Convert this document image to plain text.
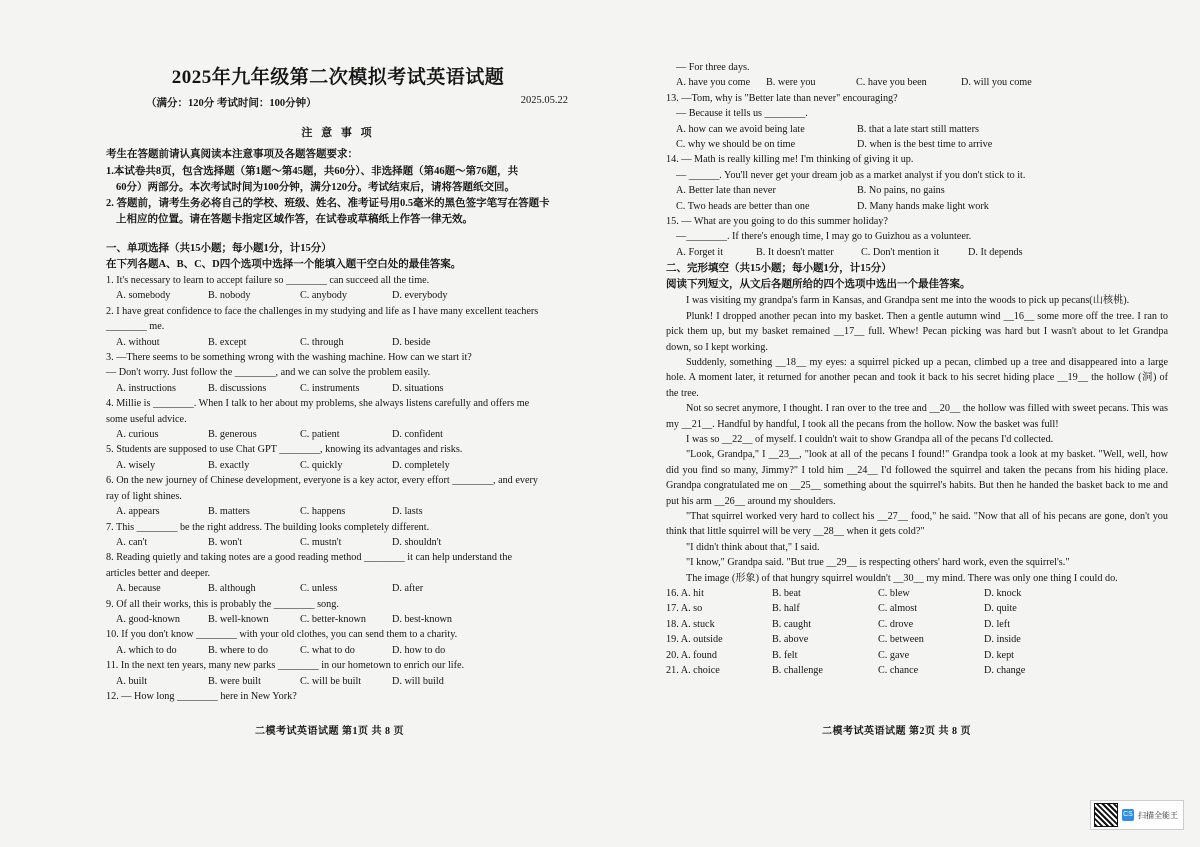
2025年九年级第二次模拟考试英语试题
（满分：120分 考试时间：100分钟）	2025.05.22
注 意 事 项
考生在答题前请认真阅读本注意事项及各题答题要求：
1.本试卷共8页，包含选择题（第1题～第45题，共60分）、非选择题（第46题～第76题，共
60分）两部分。本次考试时间为100分钟，满分120分。考试结束后，请将答题纸交回。
2. 答题前，请考生务必将自己的学校、班级、姓名、准考证号用0.5毫米的黑色签字笔写在答题卡
上相应的位置。请在答题卡指定区域作答，在试卷或草稿纸上作答一律无效。
一、单项选择（共15小题；每小题1分，计15分）
在下列各题A、B、C、D四个选项中选择一个能填入题干空白处的最佳答案。
1. It's necessary to learn to accept failure so ________ can succeed all the time.
A. somebody	B. nobody	C. anybody	D. everybody
2. I have great confidence to face the challenges in my studying and life as I have many excellent teachers
________ me.
A. without	B. except	C. through	D. beside
3. —There seems to be something wrong with the washing machine. How can we start it?
— Don't worry. Just follow the ________, and we can solve the problem easily.
A. instructions	B. discussions	C. instruments	D. situations
4. Millie is ________. When I talk to her about my problems, she always listens carefully and offers me
some useful advice.
A. curious	B. generous	C. patient	D. confident
5. Students are supposed to use Chat GPT ________, knowing its advantages and risks.
A. wisely	B. exactly	C. quickly	D. completely
6. On the new journey of Chinese development, everyone is a key actor, every effort ________, and every
ray of light shines.
A. appears	B. matters	C. happens	D. lasts
7. This ________ be the right address. The building looks completely different.
A. can't	B. won't	C. mustn't	D. shouldn't
8. Reading quietly and taking notes are a good reading method ________ it can help understand the
articles better and deeper.
A. because	B. although	C. unless	D. after
9. Of all their works, this is probably the ________ song.
A. good-known	B. well-known	C. better-known	D. best-known
10. If you don't know ________ with your old clothes, you can send them to a charity.
A. which to do	B. where to do	C. what to do	D. how to do
11. In the next ten years, many new parks ________ in our hometown to enrich our life.
A. built	B. were built	C. will be built	D. will build
12. — How long ________ here in New York?
二模考试英语试题 第1页 共 8 页
— For three days.
A. have you come	B. were you	C. have you been	D. will you come
13. —Tom, why is "Better late than never" encouraging?
— Because it tells us ________.
A. how can we avoid being late	B. that a late start still matters
C. why we should be on time	D. when is the best time to arrive
14. — Math is really killing me! I'm thinking of giving it up.
— ______. You'll never get your dream job as a market analyst if you don't stick to it.
A. Better late than never	B. No pains, no gains
C. Two heads are better than one	D. Many hands make light work
15. — What are you going to do this summer holiday?
—________. If there's enough time, I may go to Guizhou as a volunteer.
A. Forget it	B. It doesn't matter	C. Don't mention it	D. It depends
二、完形填空（共15小题；每小题1分，计15分）
阅读下列短文，从文后各题所给的四个选项中选出一个最佳答案。
I was visiting my grandpa's farm in Kansas, and Grandpa sent me into the woods to pick up pecans(山核桃).
Plunk! I dropped another pecan into my basket. Then a gentle autumn wind __16__ some more off the tree. I ran to pick them up, but my basket remained __17__ full. Whew! Pecan picking was hard but I wasn't about to let Grandpa down, so I kept working.
Suddenly, something __18__ my eyes: a squirrel picked up a pecan, climbed up a tree and disappeared into a large hole. A moment later, it returned for another pecan and took it back to his secret hiding place __19__ the hollow (洞) of the tree.
Not so secret anymore, I thought. I ran over to the tree and __20__ the hollow was filled with sweet pecans. This was my __21__. Handful by handful, I took all the pecans from the hollow. Now the basket was full!
I was so __22__ of myself. I couldn't wait to show Grandpa all of the pecans I'd collected.
"Look, Grandpa," I __23__, "look at all of the pecans I found!" Grandpa took a look at my basket. "Well, well, how did you find so many, Jimmy?" I told him __24__ I'd followed the squirrel and taken the pecans from his hiding place. Grandpa congratulated me on __25__ something about the squirrel's habits. But then he handed the basket back to me and put his arm __26__ around my shoulders.
"That squirrel worked very hard to collect his __27__ food," he said. "Now that all of his pecans are gone, don't you think that little squirrel will be very __28__ when it gets cold?"
"I didn't think about that," I said.
"I know," Grandpa said. "But true __29__ is respecting others' hard work, even the squirrel's."
The image (形象) of that hungry squirrel wouldn't __30__ my mind. There was only one thing I could do.
16. A. hit	B. beat	C. blew	D. knock
17. A. so	B. half	C. almost	D. quite
18. A. stuck	B. caught	C. drove	D. left
19. A. outside	B. above	C. between	D. inside
20. A. found	B. felt	C. gave	D. kept
21. A. choice	B. challenge	C. chance	D. change
二模考试英语试题 第2页 共 8 页
CS 扫描全能王
